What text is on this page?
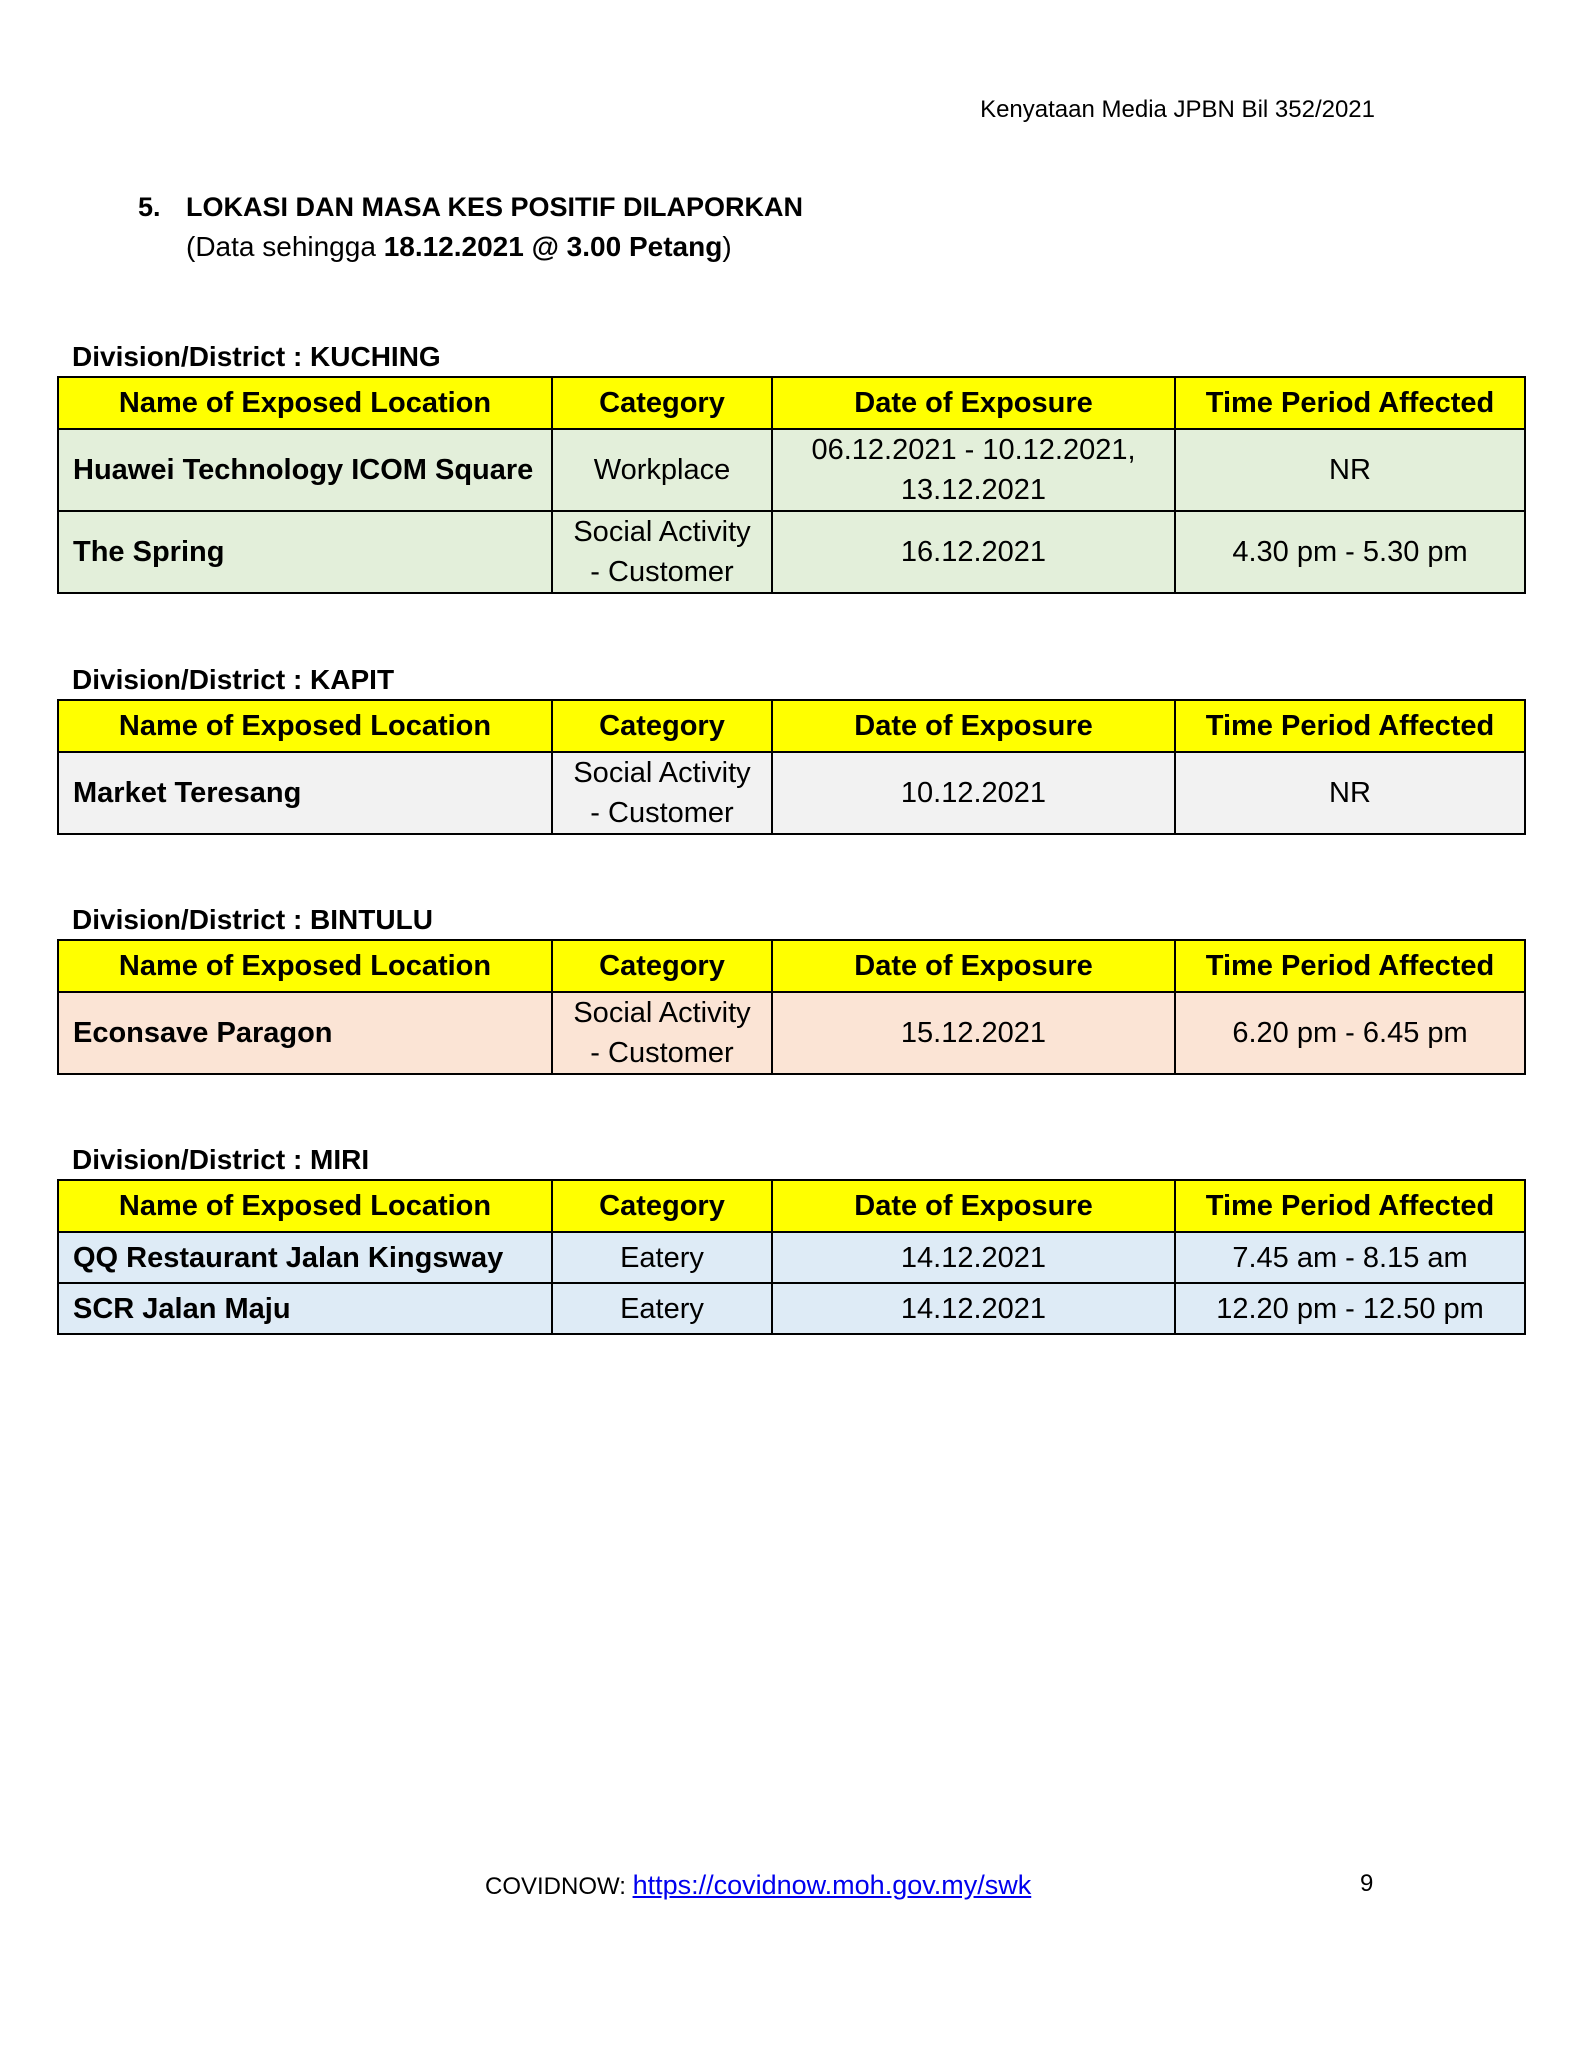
Kenyataan Media JPBN Bil 352/2021
5. LOKASI DAN MASA KES POSITIF DILAPORKAN
(Data sehingga 18.12.2021 @ 3.00 Petang)
Division/District : KUCHING
Name of Exposed Location	Category	Date of Exposure	Time Period Affected
Huawei Technology ICOM Square	Workplace	06.12.2021 - 10.12.2021, 13.12.2021	NR
The Spring	Social Activity - Customer	16.12.2021	4.30 pm - 5.30 pm
Division/District : KAPIT
Name of Exposed Location	Category	Date of Exposure	Time Period Affected
Market Teresang	Social Activity - Customer	10.12.2021	NR
Division/District : BINTULU
Name of Exposed Location	Category	Date of Exposure	Time Period Affected
Econsave Paragon	Social Activity - Customer	15.12.2021	6.20 pm - 6.45 pm
Division/District : MIRI
Name of Exposed Location	Category	Date of Exposure	Time Period Affected
QQ Restaurant Jalan Kingsway	Eatery	14.12.2021	7.45 am - 8.15 am
SCR Jalan Maju	Eatery	14.12.2021	12.20 pm - 12.50 pm
COVIDNOW: https://covidnow.moh.gov.my/swk	9
